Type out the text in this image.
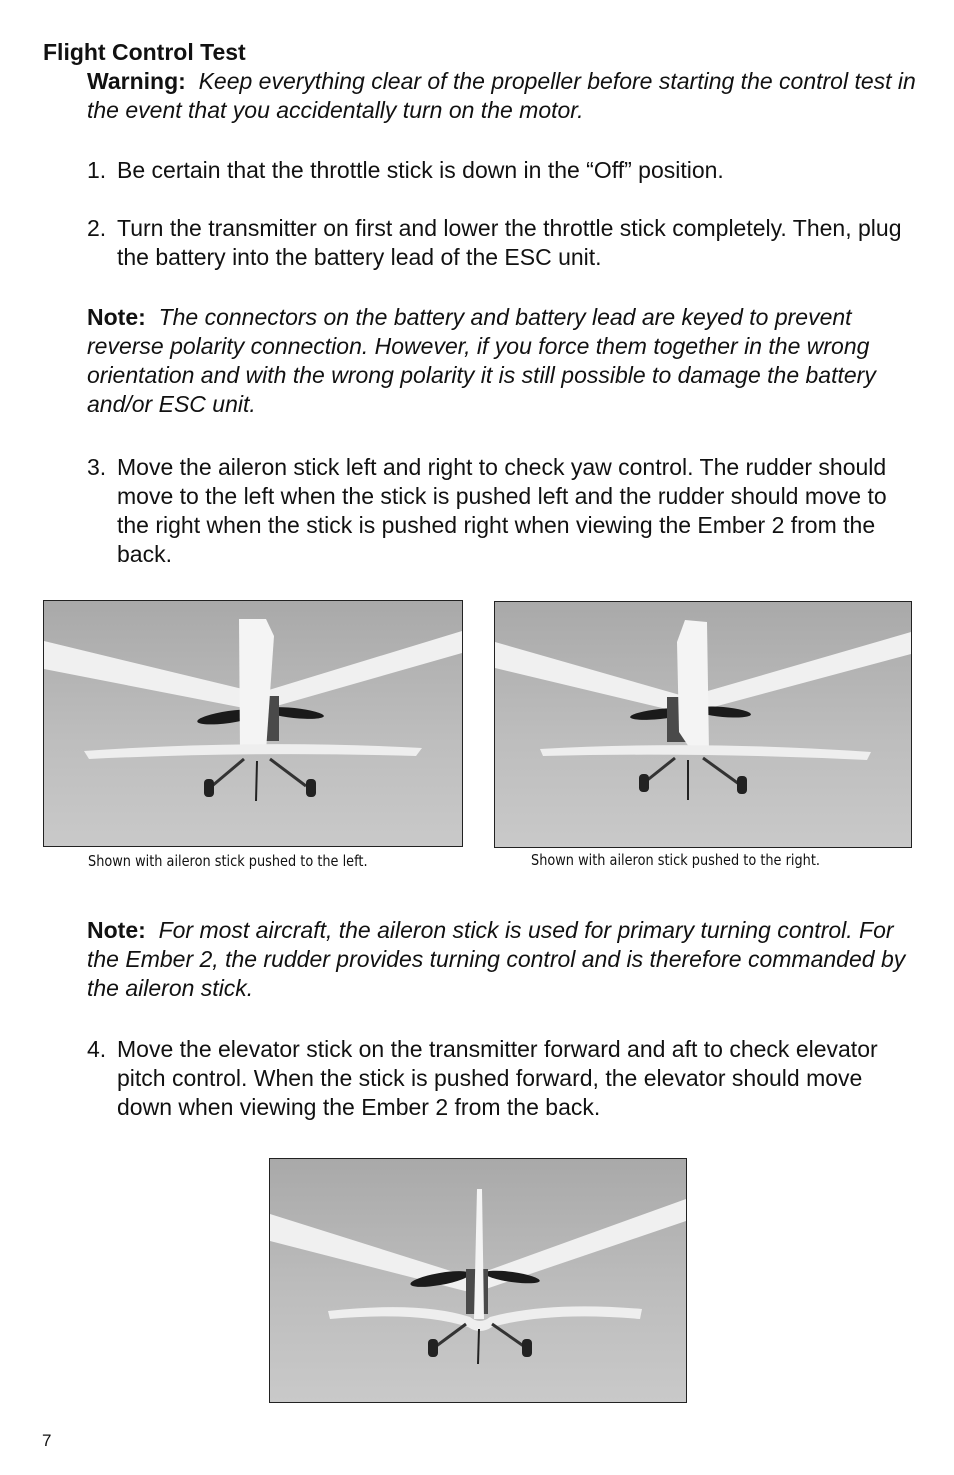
Flight Control Test
Warning: Keep everything clear of the propeller before starting the control test in the event that you accidentally turn on the motor.
1. Be certain that the throttle stick is down in the “Off” position.
2. Turn the transmitter on first and lower the throttle stick completely. Then, plug the battery into the battery lead of the ESC unit.
Note: The connectors on the battery and battery lead are keyed to prevent reverse polarity connection. However, if you force them together in the wrong orientation and with the wrong polarity it is still possible to damage the battery and/or ESC unit.
3. Move the aileron stick left and right to check yaw control. The rudder should move to the left when the stick is pushed left and the rudder should move to the right when the stick is pushed right when viewing the Ember 2 from the back.
Shown with aileron stick pushed to the left.	Shown with aileron stick pushed to the right.
Note: For most aircraft, the aileron stick is used for primary turning control. For the Ember 2, the rudder provides turning control and is therefore commanded by the aileron stick.
4. Move the elevator stick on the transmitter forward and aft to check elevator pitch control. When the stick is pushed forward, the elevator should move down when viewing the Ember 2 from the back.
7
